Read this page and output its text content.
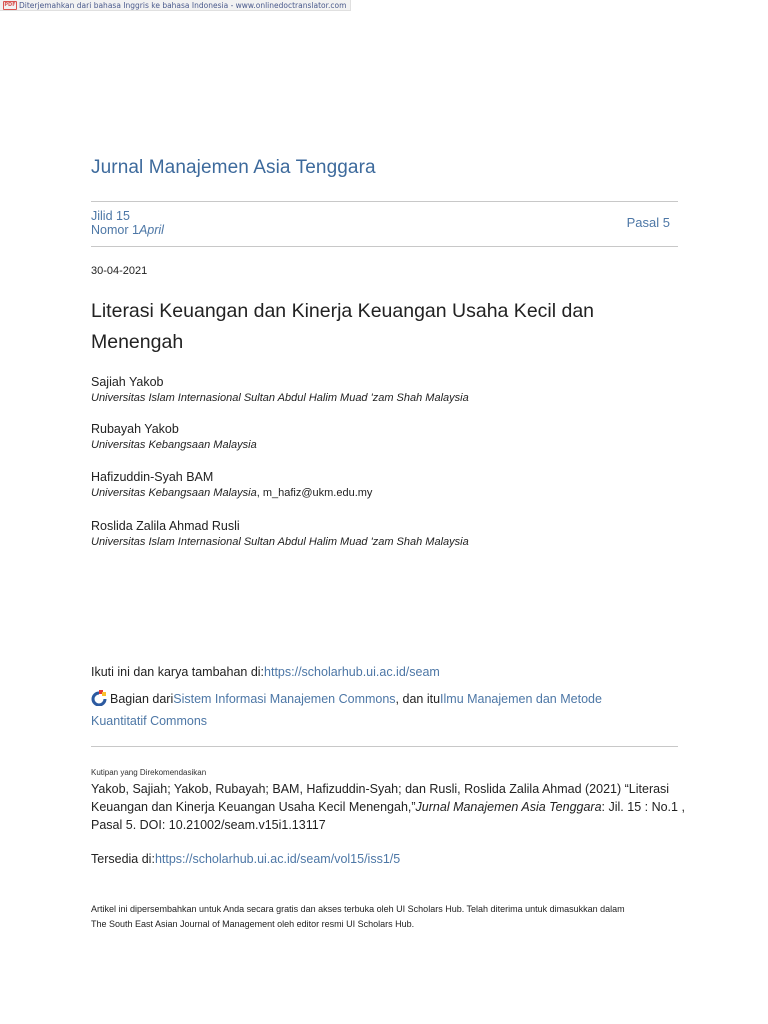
PDF Diterjemahkan dari bahasa Inggris ke bahasa Indonesia - www.onlinedoctranslator.com
Jurnal Manajemen Asia Tenggara
Jilid 15
Nomor 1April	Pasal 5
30-04-2021
Literasi Keuangan dan Kinerja Keuangan Usaha Kecil dan Menengah
Sajiah Yakob
Universitas Islam Internasional Sultan Abdul Halim Muad 'zam Shah Malaysia
Rubayah Yakob
Universitas Kebangsaan Malaysia
Hafizuddin-Syah BAM
Universitas Kebangsaan Malaysia, m_hafiz@ukm.edu.my
Roslida Zalila Ahmad Rusli
Universitas Islam Internasional Sultan Abdul Halim Muad 'zam Shah Malaysia
Ikuti ini dan karya tambahan di:https://scholarhub.ui.ac.id/seam
Bagian dariSistem Informasi Manajemen Commons, dan ituIlmu Manajemen dan Metode Kuantitatif Commons
Kutipan yang Direkomendasikan
Yakob, Sajiah; Yakob, Rubayah; BAM, Hafizuddin-Syah; dan Rusli, Roslida Zalila Ahmad (2021) “Literasi Keuangan dan Kinerja Keuangan Usaha Kecil Menengah,”Jurnal Manajemen Asia Tenggara: Jil. 15 : No.1 , Pasal 5. DOI: 10.21002/seam.v15i1.13117
Tersedia di:https://scholarhub.ui.ac.id/seam/vol15/iss1/5
Artikel ini dipersembahkan untuk Anda secara gratis dan akses terbuka oleh UI Scholars Hub. Telah diterima untuk dimasukkan dalam The South East Asian Journal of Management oleh editor resmi UI Scholars Hub.
